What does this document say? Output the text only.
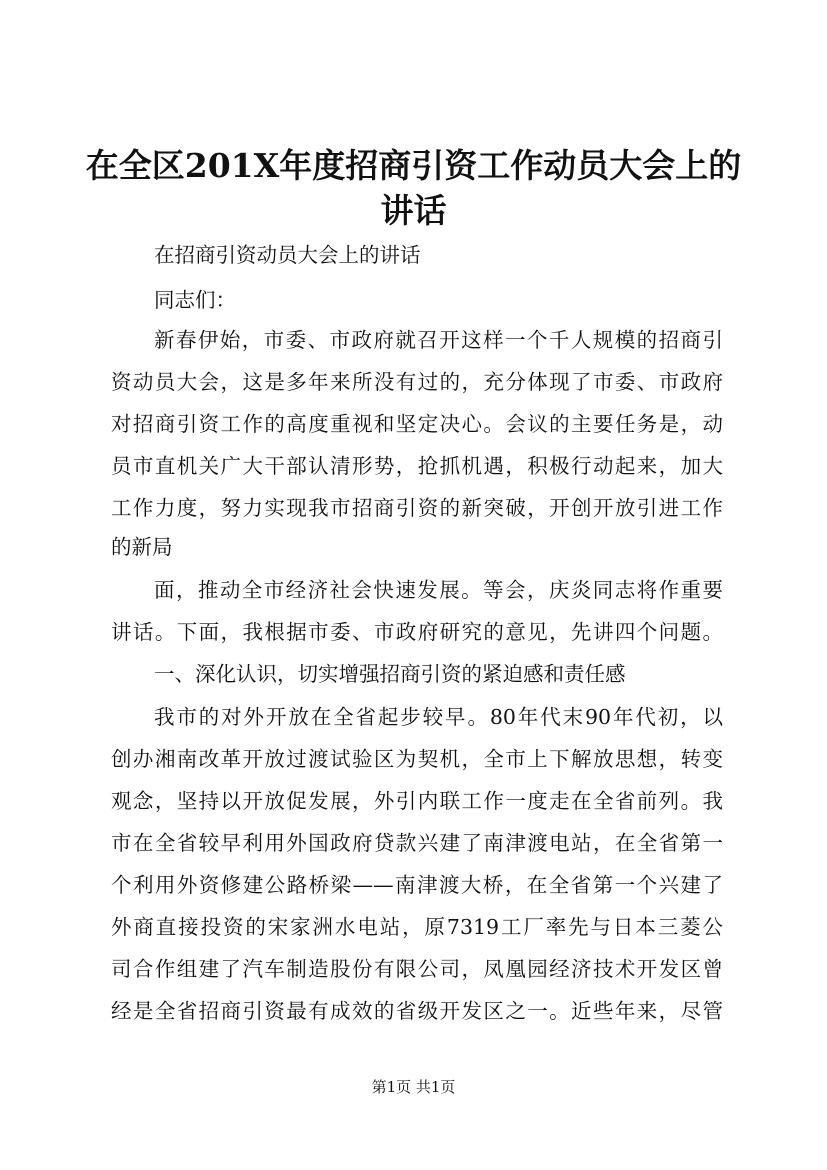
在全区201X年度招商引资工作动员大会上的
讲话
在招商引资动员大会上的讲话
同志们：
新春伊始，市委、市政府就召开这样一个千人规模的招商引
资动员大会，这是多年来所没有过的，充分体现了市委、市政府
对招商引资工作的高度重视和坚定决心。会议的主要任务是，动
员市直机关广大干部认清形势，抢抓机遇，积极行动起来，加大
工作力度，努力实现我市招商引资的新突破，开创开放引进工作
的新局
面，推动全市经济社会快速发展。等会，庆炎同志将作重要
讲话。下面，我根据市委、市政府研究的意见，先讲四个问题。
一、深化认识，切实增强招商引资的紧迫感和责任感
我市的对外开放在全省起步较早。80年代末90年代初，以
创办湘南改革开放过渡试验区为契机，全市上下解放思想，转变
观念，坚持以开放促发展，外引内联工作一度走在全省前列。我
市在全省较早利用外国政府贷款兴建了南津渡电站，在全省第一
个利用外资修建公路桥梁——南津渡大桥，在全省第一个兴建了
外商直接投资的宋家洲水电站，原7319工厂率先与日本三菱公
司合作组建了汽车制造股份有限公司，凤凰园经济技术开发区曾
经是全省招商引资最有成效的省级开发区之一。近些年来，尽管
第1页 共1页
